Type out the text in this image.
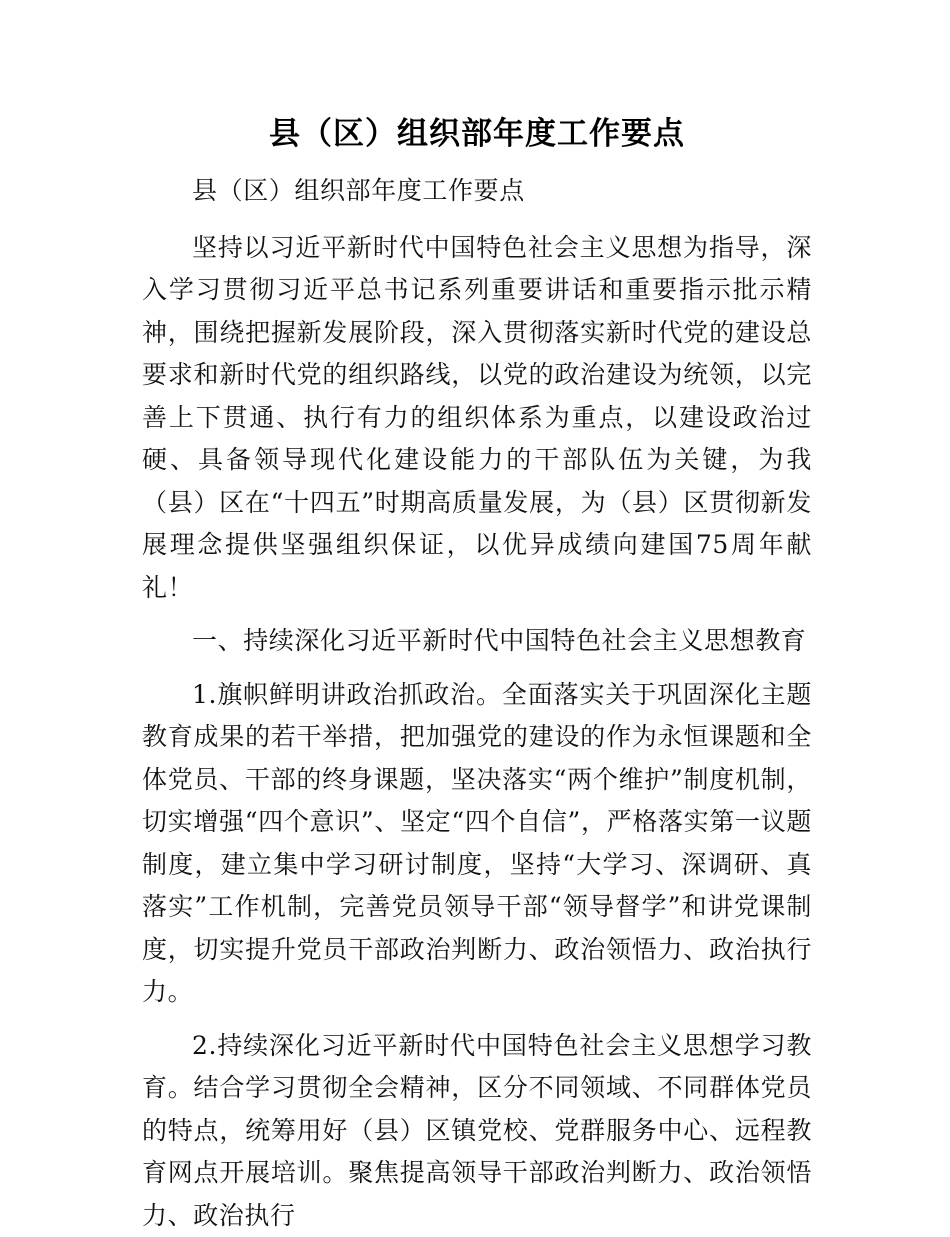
县（区）组织部年度工作要点

县（区）组织部年度工作要点

坚持以习近平新时代中国特色社会主义思想为指导，深入学习贯彻习近平总书记系列重要讲话和重要指示批示精神，围绕把握新发展阶段，深入贯彻落实新时代党的建设总要求和新时代党的组织路线，以党的政治建设为统领，以完善上下贯通、执行有力的组织体系为重点，以建设政治过硬、具备领导现代化建设能力的干部队伍为关键，为我（县）区在“十四五”时期高质量发展，为（县）区贯彻新发展理念提供坚强组织保证，以优异成绩向建国75周年献礼！

一、持续深化习近平新时代中国特色社会主义思想教育

1.旗帜鲜明讲政治抓政治。全面落实关于巩固深化主题教育成果的若干举措，把加强党的建设的作为永恒课题和全体党员、干部的终身课题，坚决落实“两个维护”制度机制，切实增强“四个意识”、坚定“四个自信”，严格落实第一议题制度，建立集中学习研讨制度，坚持“大学习、深调研、真落实”工作机制，完善党员领导干部“领导督学”和讲党课制度，切实提升党员干部政治判断力、政治领悟力、政治执行力。

2.持续深化习近平新时代中国特色社会主义思想学习教育。结合学习贯彻全会精神，区分不同领域、不同群体党员的特点，统筹用好（县）区镇党校、党群服务中心、远程教育网点开展培训。聚焦提高领导干部政治判断力、政治领悟力、政治执行
